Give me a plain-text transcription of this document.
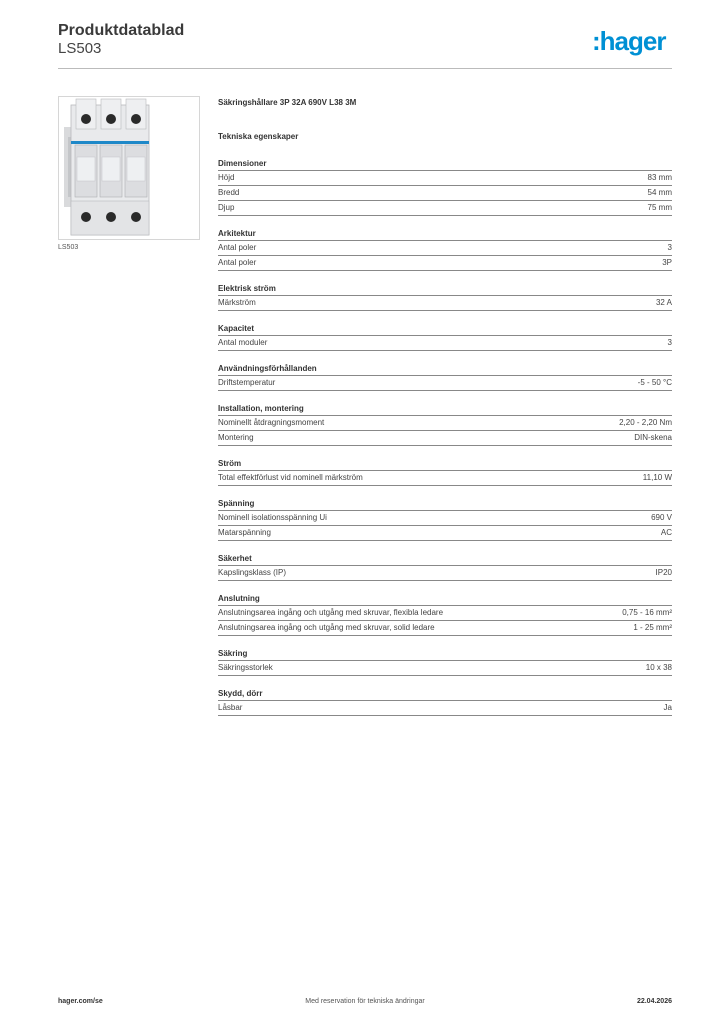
Produktdatablad
LS503	:hager
LS503
Säkringshållare 3P 32A 690V L38 3M
Tekniska egenskaper
Dimensioner
Höjd	83 mm
Bredd	54 mm
Djup	75 mm
Arkitektur
Antal poler	3
Antal poler	3P
Elektrisk ström
Märkström	32 A
Kapacitet
Antal moduler	3
Användningsförhållanden
Driftstemperatur	-5 - 50 °C
Installation, montering
Nominellt åtdragningsmoment	2,20 - 2,20 Nm
Montering	DIN-skena
Ström
Total effektförlust vid nominell märkström	11,10 W
Spänning
Nominell isolationsspänning Ui	690 V
Matarspänning	AC
Säkerhet
Kapslingsklass (IP)	IP20
Anslutning
Anslutningsarea ingång och utgång med skruvar, flexibla ledare	0,75 - 16 mm²
Anslutningsarea ingång och utgång med skruvar, solid ledare	1 - 25 mm²
Säkring
Säkringsstorlek	10 x 38
Skydd, dörr
Låsbar	Ja
hager.com/se	Med reservation för tekniska ändringar	22.04.2026
